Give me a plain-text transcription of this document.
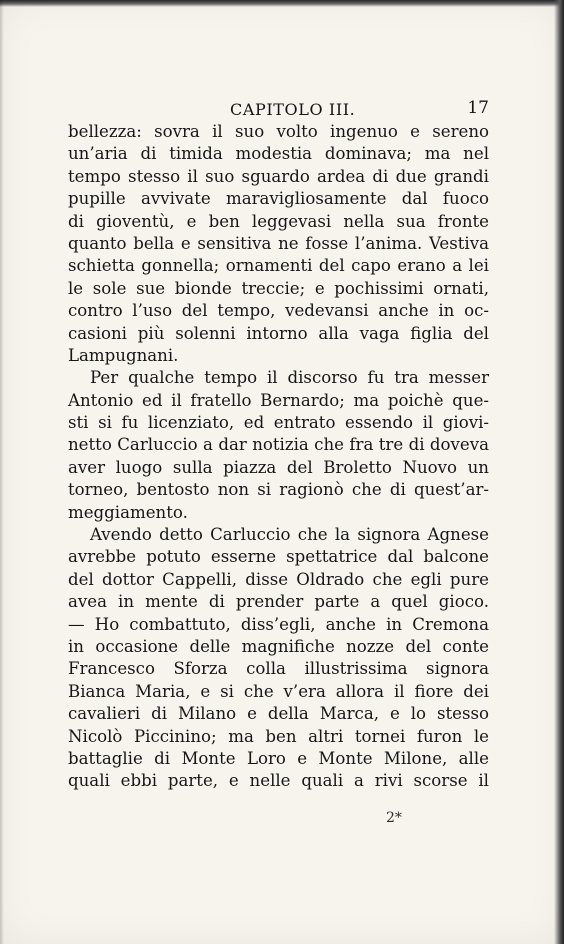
CAPITOLO III.	17
bellezza: sovra il suo volto ingenuo e sereno
un’aria di timida modestia dominava; ma nel
tempo stesso il suo sguardo ardea di due grandi
pupille avvivate maravigliosamente dal fuoco
di gioventù, e ben leggevasi nella sua fronte
quanto bella e sensitiva ne fosse l’anima. Vestiva
schietta gonnella; ornamenti del capo erano a lei
le sole sue bionde treccie; e pochissimi ornati,
contro l’uso del tempo, vedevansi anche in oc-
casioni più solenni intorno alla vaga figlia del
Lampugnani.
Per qualche tempo il discorso fu tra messer
Antonio ed il fratello Bernardo; ma poichè que-
sti si fu licenziato, ed entrato essendo il giovi-
netto Carluccio a dar notizia che fra tre di doveva
aver luogo sulla piazza del Broletto Nuovo un
torneo, bentosto non si ragionò che di quest’ar-
meggiamento.
Avendo detto Carluccio che la signora Agnese
avrebbe potuto esserne spettatrice dal balcone
del dottor Cappelli, disse Oldrado che egli pure
avea in mente di prender parte a quel gioco.
— Ho combattuto, diss’egli, anche in Cremona
in occasione delle magnifiche nozze del conte
Francesco Sforza colla illustrissima signora
Bianca Maria, e si che v’era allora il fiore dei
cavalieri di Milano e della Marca, e lo stesso
Nicolò Piccinino; ma ben altri tornei furon le
battaglie di Monte Loro e Monte Milone, alle
quali ebbi parte, e nelle quali a rivi scorse il
2*
